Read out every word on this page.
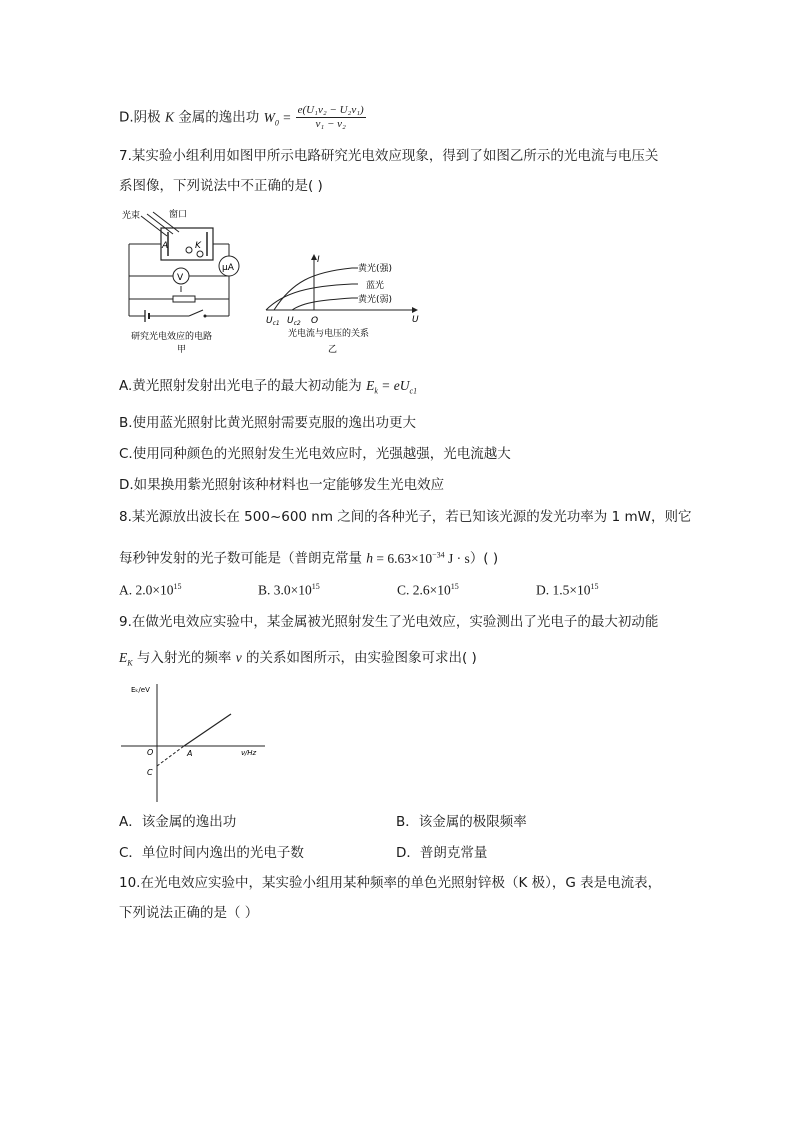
D.阴极 K 金属的逸出功 $W_0 = \frac{\text{e(U₁ν₂ − U₂ν₁)}}{\text{ν₁ − ν₂}}$
7.某实验小组利用如图甲所示电路研究光电效应现象，得到了如图乙所示的光电流与电压关
系图像，下列说法中不正确的是( )
光束	窗口
A	K
μA
V
研究光电效应的电路
甲
I
U
黄光(强)
蓝光
黄光(弱)
$U_{c1}$ $U_{c2}$ O
光电流与电压的关系
乙
A.黄光照射发射出光电子的最大初动能为 $E_k = eU_{c1}$
B.使用蓝光照射比黄光照射需要克服的逸出功更大
C.使用同种颜色的光照射发生光电效应时，光强越强，光电流越大
D.如果换用紫光照射该种材料也一定能够发生光电效应
8.某光源放出波长在 500~600 nm 之间的各种光子，若已知该光源的发光功率为 1 mW，则它
每秒钟发射的光子数可能是（普朗克常量 $h = 6.63\times 10^{-34}$ J · s）( )
A. $2.0\times 10^{15}$	B. $3.0\times 10^{15}$	C. $2.6\times 10^{15}$	D. $1.5\times 10^{15}$
9.在做光电效应实验中，某金属被光照射发生了光电效应，实验测出了光电子的最大初动能
$E_K$ 与入射光的频率 ν 的关系如图所示，由实验图象可求出( )
Eₖ/eV
ν/Hz
O	A
C
A．该金属的逸出功	B．该金属的极限频率
C．单位时间内逸出的光电子数	D．普朗克常量
10.在光电效应实验中，某实验小组用某种频率的单色光照射锌极（K 极），G 表是电流表，
下列说法正确的是（ ）
